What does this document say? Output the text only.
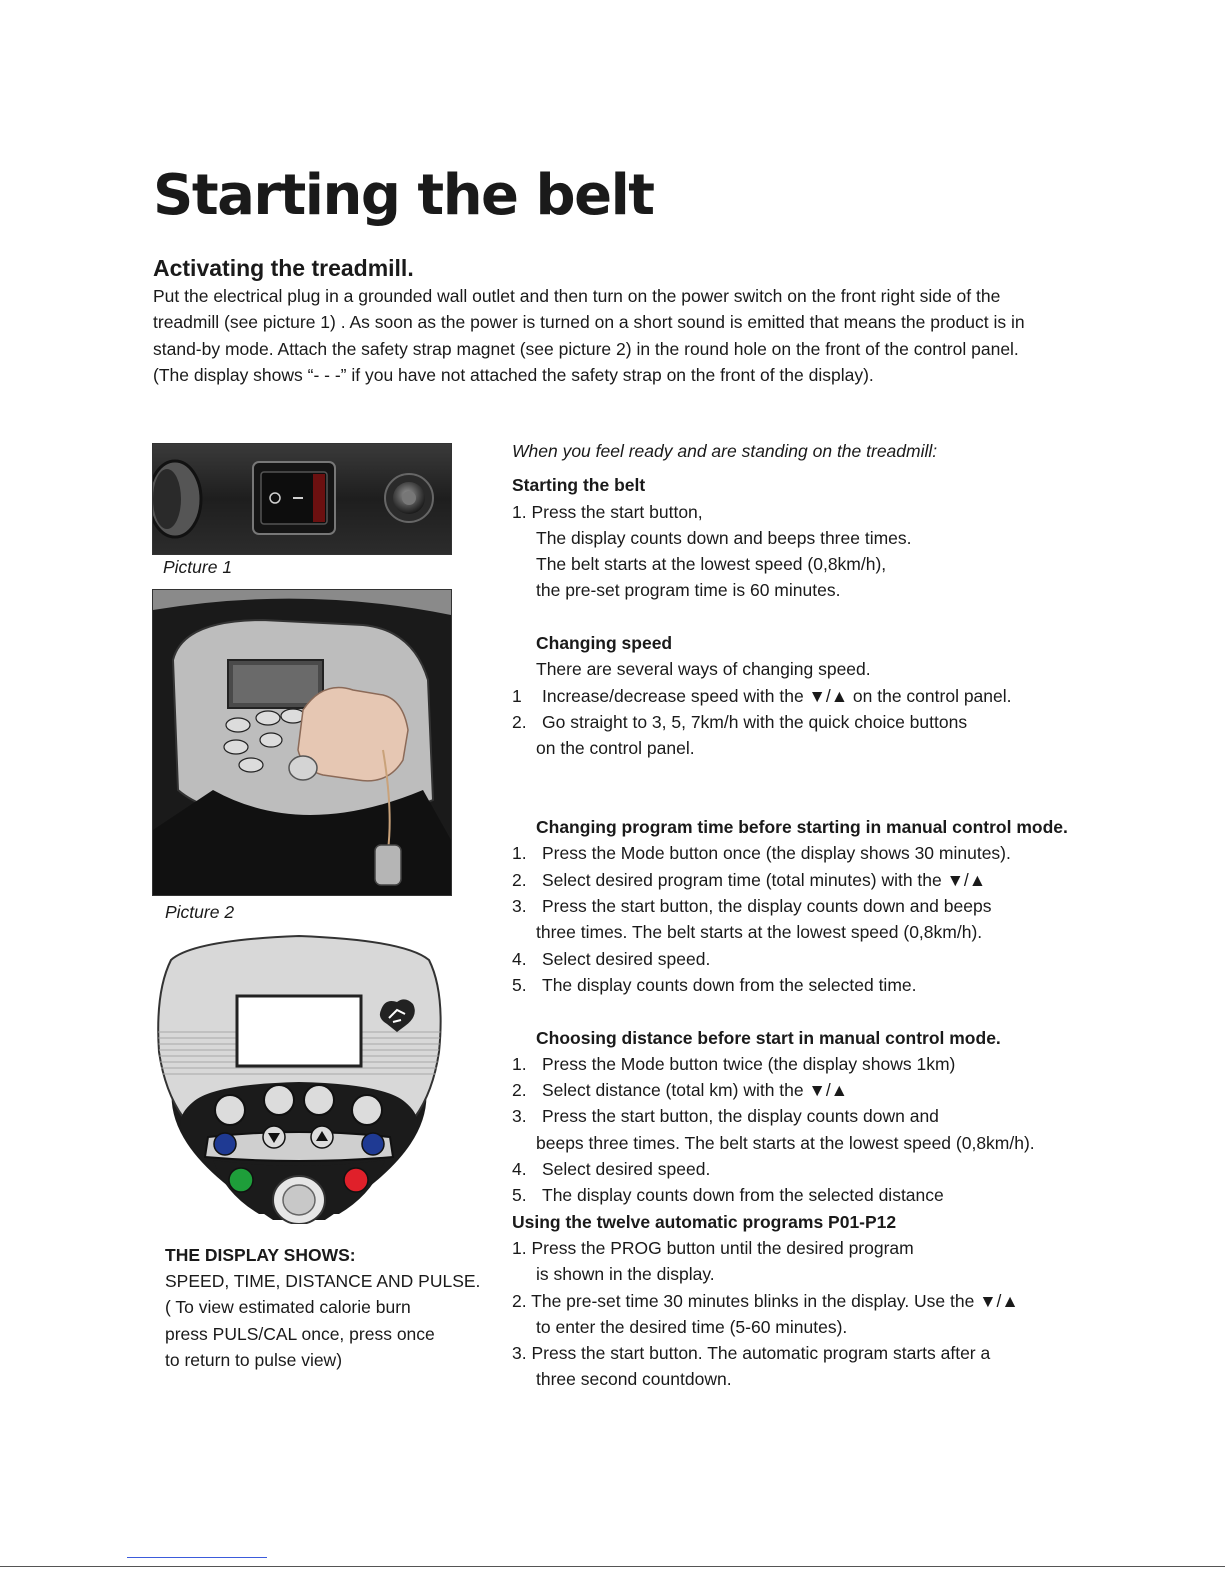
Starting the belt
Activating the treadmill.

Put the electrical plug in a grounded wall outlet and then turn on the power switch on the front right side of the treadmill (see picture 1) . As soon as the power is turned on a short sound is emitted that means the product is in stand-by mode. Attach the safety strap magnet (see picture 2) in the round hole on the front of the control panel. (The display shows “- - -” if you have not attached the safety strap on the front of the display).

Picture 1
Picture 2
THE DISPLAY SHOWS:
SPEED, TIME, DISTANCE AND PULSE.
( To view estimated calorie burn
press PULS/CAL once, press once
to return to pulse view)
When you feel ready and are standing on the treadmill:
Starting the belt
1. Press the start button,
The display counts down and beeps three times.
The belt starts at the lowest speed (0,8km/h),
the pre-set program time is 60 minutes.
Changing speed
There are several ways of changing speed.
1 Increase/decrease speed with the ▼/▲ on the control panel.
2. Go straight to 3, 5, 7km/h with the quick choice buttons
on the control panel.
Changing program time before starting in manual control mode.
1. Press the Mode button once (the display shows 30 minutes).
2. Select desired program time (total minutes) with the ▼/▲
3. Press the start button, the display counts down and beeps
three times. The belt starts at the lowest speed (0,8km/h).
4. Select desired speed.
5. The display counts down from the selected time.
Choosing distance before start in manual control mode.
1. Press the Mode button twice (the display shows 1km)
2. Select distance (total km) with the ▼/▲
3. Press the start button, the display counts down and
beeps three times. The belt starts at the lowest speed (0,8km/h).
4. Select desired speed.
5. The display counts down from the selected distance
Using the twelve automatic programs P01-P12
1. Press the PROG button until the desired program
is shown in the display.
2. The pre-set time 30 minutes blinks in the display. Use the ▼/▲
to enter the desired time (5-60 minutes).
3. Press the start button. The automatic program starts after a
three second countdown.
